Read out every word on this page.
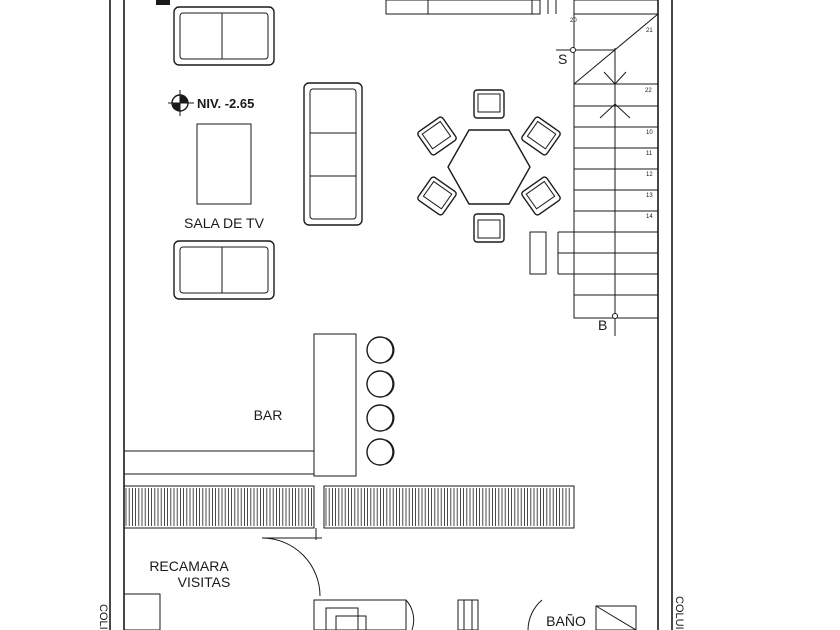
NIV. -2.65
SALA DE TV
S
B
20
21
22
10
11
12
13
14
BAR
RECAMARA
VISITAS
BAÑO
COLI	COLUI
